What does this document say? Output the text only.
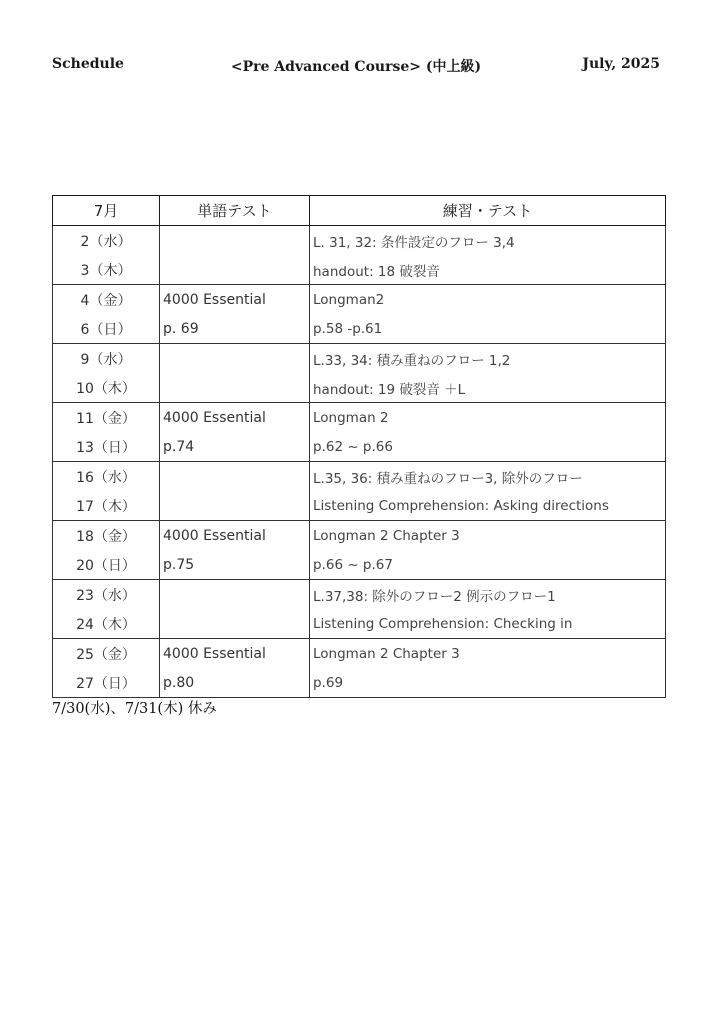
Schedule	<Pre Advanced Course> (中上級)	July, 2025
7月	単語テスト	練習・テスト
2（水）		L. 31, 32: 条件設定のフロー 3,4
3（木）		handout: 18 破裂音
4（金）	4000 Essential	Longman2
6（日）	p. 69	p.58 -p.61
9（水）		L.33, 34: 積み重ねのフロー 1,2
10（木）		handout: 19 破裂音 ＋L
11（金）	4000 Essential	Longman 2
13（日）	p.74	p.62 ~ p.66
16（水）		L.35, 36: 積み重ねのフロー3, 除外のフロー
17（木）		Listening Comprehension: Asking directions
18（金）	4000 Essential	Longman 2 Chapter 3
20（日）	p.75	p.66 ~ p.67
23（水）		L.37,38: 除外のフロー2 例示のフロー1
24（木）		Listening Comprehension: Checking in
25（金）	4000 Essential	Longman 2 Chapter 3
27（日）	p.80	p.69
7/30(水)、7/31(木) 休み
